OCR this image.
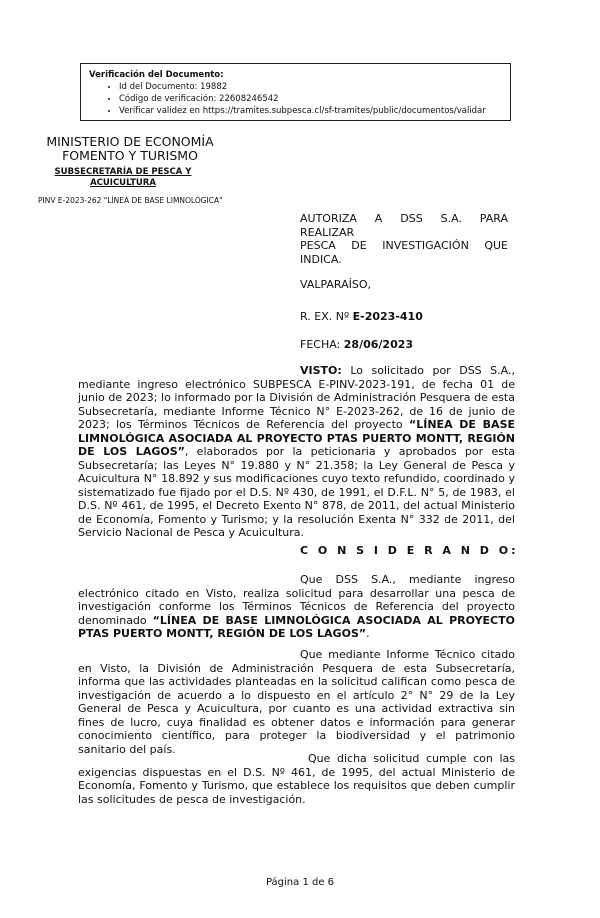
Verificación del Documento:
• Id del Documento: 19882
• Código de verificación: 22608246542
• Verificar validez en https://tramites.subpesca.cl/sf-tramites/public/documentos/validar
MINISTERIO DE ECONOMÍA
FOMENTO Y TURISMO
SUBSECRETARÍA DE PESCA Y ACUICULTURA
PINV E-2023-262 "LÍNEA DE BASE LIMNOLÓGICA"
AUTORIZA A DSS S.A. PARA REALIZAR
PESCA DE INVESTIGACIÓN QUE
INDICA.
VALPARAÍSO,
R. EX. Nº E-2023-410
FECHA: 28/06/2023
VISTO: Lo solicitado por DSS S.A., mediante ingreso electrónico SUBPESCA E-PINV-2023-191, de fecha 01 de junio de 2023; lo informado por la División de Administración Pesquera de esta Subsecretaría, mediante Informe Técnico N° E-2023-262, de 16 de junio de 2023; los Términos Técnicos de Referencia del proyecto “LÍNEA DE BASE LIMNOLÓGICA ASOCIADA AL PROYECTO PTAS PUERTO MONTT, REGIÓN DE LOS LAGOS”, elaborados por la peticionaria y aprobados por esta Subsecretaría; las Leyes N° 19.880 y N° 21.358; la Ley General de Pesca y Acuicultura N° 18.892 y sus modificaciones cuyo texto refundido, coordinado y sistematizado fue fijado por el D.S. Nº 430, de 1991, el D.F.L. N° 5, de 1983, el D.S. Nº 461, de 1995, el Decreto Exento N° 878, de 2011, del actual Ministerio de Economía, Fomento y Turismo; y la resolución Exenta N° 332 de 2011, del Servicio Nacional de Pesca y Acuicultura.
C O N S I D E R A N D O:
Que DSS S.A., mediante ingreso electrónico citado en Visto, realiza solicitud para desarrollar una pesca de investigación conforme los Términos Técnicos de Referencia del proyecto denominado “LÍNEA DE BASE LIMNOLÓGICA ASOCIADA AL PROYECTO PTAS PUERTO MONTT, REGIÓN DE LOS LAGOS”.
Que mediante Informe Técnico citado en Visto, la División de Administración Pesquera de esta Subsecretaría, informa que las actividades planteadas en la solicitud califican como pesca de investigación de acuerdo a lo dispuesto en el artículo 2° N° 29 de la Ley General de Pesca y Acuicultura, por cuanto es una actividad extractiva sin fines de lucro, cuya finalidad es obtener datos e información para generar conocimiento científico, para proteger la biodiversidad y el patrimonio sanitario del país.
Que dicha solicitud cumple con las exigencias dispuestas en el D.S. Nº 461, de 1995, del actual Ministerio de Economía, Fomento y Turismo, que establece los requisitos que deben cumplir las solicitudes de pesca de investigación.
Página 1 de 6
